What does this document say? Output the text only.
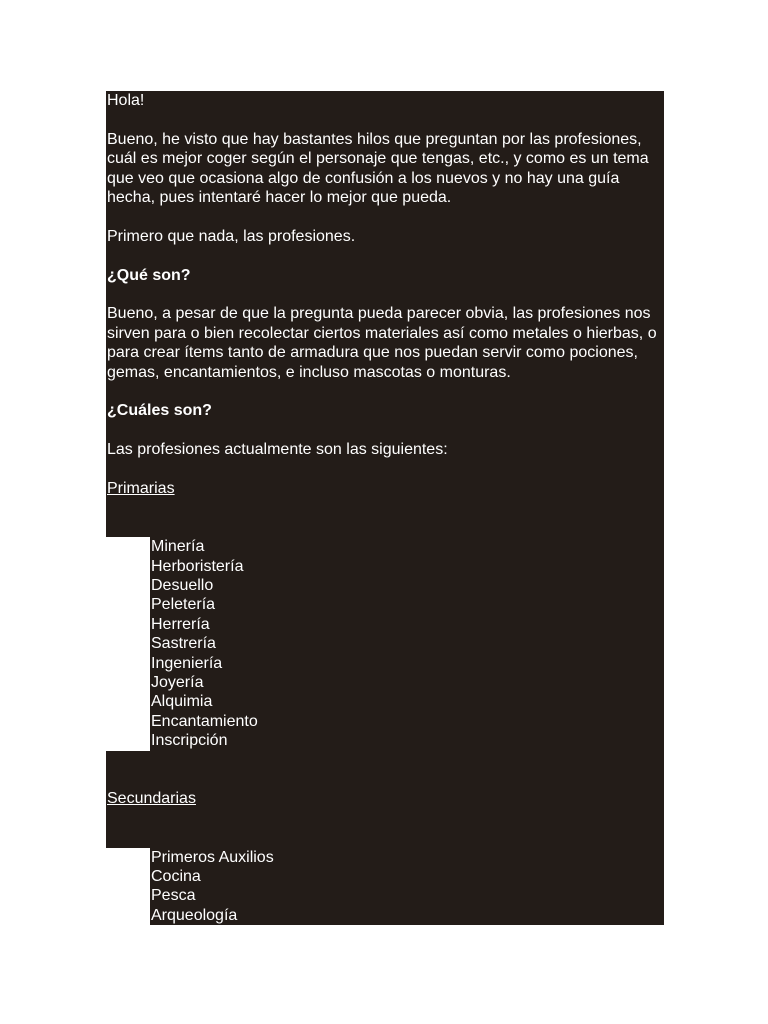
Hola!

Bueno, he visto que hay bastantes hilos que preguntan por las profesiones, cuál es mejor coger según el personaje que tengas, etc., y como es un tema que veo que ocasiona algo de confusión a los nuevos y no hay una guía hecha, pues intentaré hacer lo mejor que pueda.

Primero que nada, las profesiones.

¿Qué son?

Bueno, a pesar de que la pregunta pueda parecer obvia, las profesiones nos sirven para o bien recolectar ciertos materiales así como metales o hierbas, o para crear ítems tanto de armadura que nos puedan servir como pociones, gemas, encantamientos, e incluso mascotas o monturas.

¿Cuáles son?

Las profesiones actualmente son las siguientes:

Primarias

Minería
Herboristería
Desuello
Peletería
Herrería
Sastrería
Ingeniería
Joyería
Alquimia
Encantamiento
Inscripción

Secundarias

Primeros Auxilios
Cocina
Pesca
Arqueología
